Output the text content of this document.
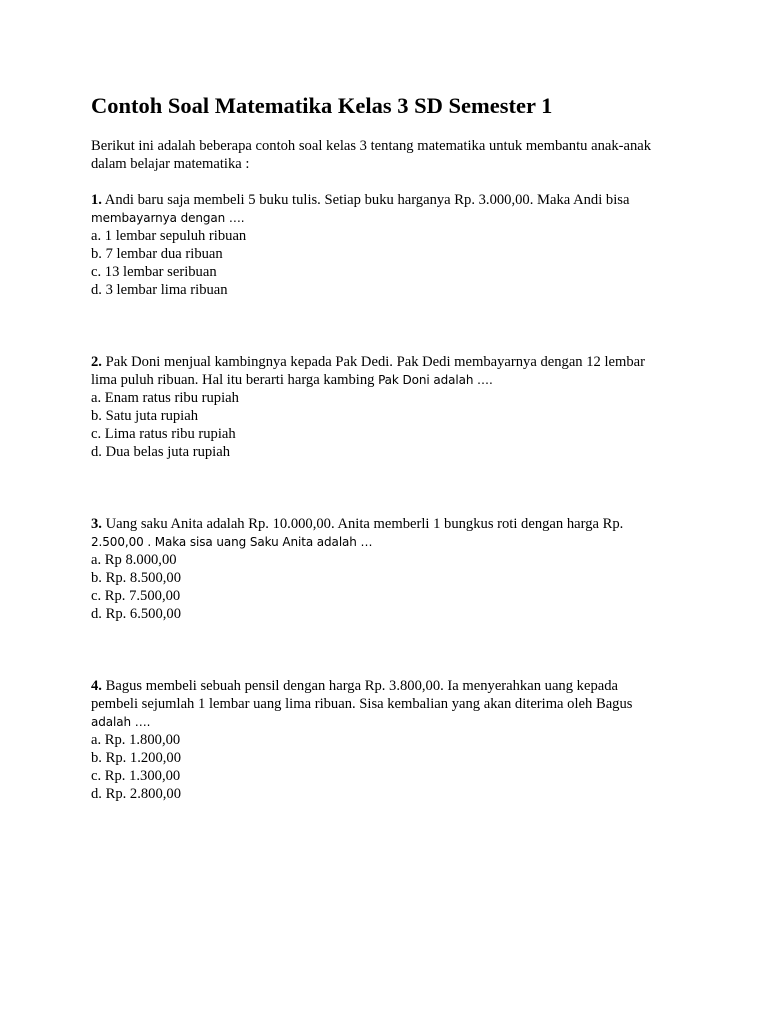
Contoh Soal Matematika Kelas 3 SD Semester 1
Berikut ini adalah beberapa contoh soal kelas 3 tentang matematika untuk membantu anak-anak
dalam belajar matematika :
1. Andi baru saja membeli 5 buku tulis. Setiap buku harganya Rp. 3.000,00. Maka Andi bisa
membayarnya dengan ….
a. 1 lembar sepuluh ribuan
b. 7 lembar dua ribuan
c. 13 lembar seribuan
d. 3 lembar lima ribuan
2. Pak Doni menjual kambingnya kepada Pak Dedi. Pak Dedi membayarnya dengan 12 lembar
lima puluh ribuan. Hal itu berarti harga kambing Pak Doni adalah ….
a. Enam ratus ribu rupiah
b. Satu juta rupiah
c. Lima ratus ribu rupiah
d. Dua belas juta rupiah
3. Uang saku Anita adalah Rp. 10.000,00. Anita memberli 1 bungkus roti dengan harga Rp.
2.500,00 . Maka sisa uang Saku Anita adalah …
a. Rp 8.000,00
b. Rp. 8.500,00
c. Rp. 7.500,00
d. Rp. 6.500,00
4. Bagus membeli sebuah pensil dengan harga Rp. 3.800,00. Ia menyerahkan uang kepada
pembeli sejumlah 1 lembar uang lima ribuan. Sisa kembalian yang akan diterima oleh Bagus
adalah ….
a. Rp. 1.800,00
b. Rp. 1.200,00
c. Rp. 1.300,00
d. Rp. 2.800,00
